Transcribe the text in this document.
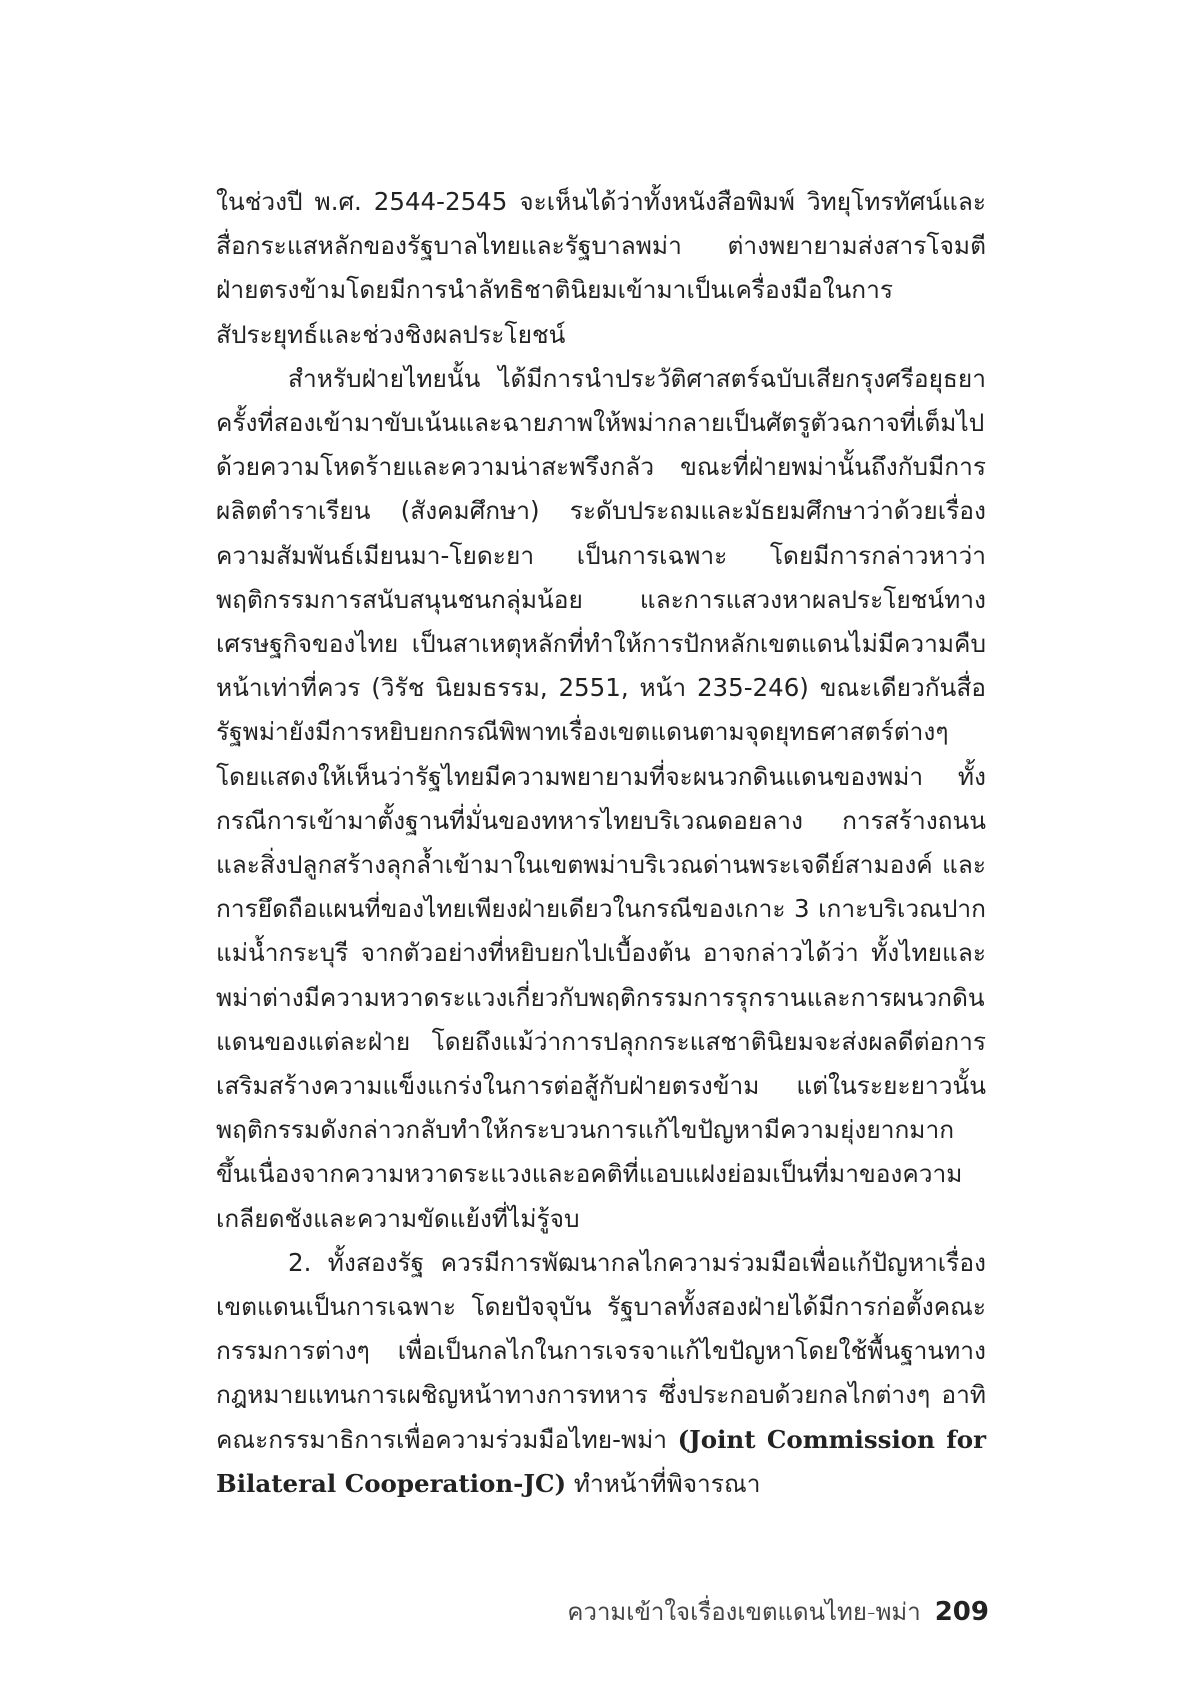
ในช่วงปี พ.ศ. 2544-2545 จะเห็นได้ว่าทั้งหนังสือพิมพ์ วิทยุโทรทัศน์และสื่อกระแสหลักของรัฐบาลไทยและรัฐบาลพม่า ต่างพยายามส่งสารโจมตีฝ่ายตรงข้ามโดยมีการนำลัทธิชาตินิยมเข้ามาเป็นเครื่องมือในการสัประยุทธ์และช่วงชิงผลประโยชน์

สำหรับฝ่ายไทยนั้น ได้มีการนำประวัติศาสตร์ฉบับเสียกรุงศรีอยุธยาครั้งที่สองเข้ามาขับเน้นและฉายภาพให้พม่ากลายเป็นศัตรูตัวฉกาจที่เต็มไปด้วยความโหดร้ายและความน่าสะพรึงกลัว ขณะที่ฝ่ายพม่านั้นถึงกับมีการผลิตตำราเรียน (สังคมศึกษา) ระดับประถมและมัธยมศึกษาว่าด้วยเรื่องความสัมพันธ์เมียนมา-โยดะยา เป็นการเฉพาะ โดยมีการกล่าวหาว่าพฤติกรรมการสนับสนุนชนกลุ่มน้อย และการแสวงหาผลประโยชน์ทางเศรษฐกิจของไทย เป็นสาเหตุหลักที่ทำให้การปักหลักเขตแดนไม่มีความคืบหน้าเท่าที่ควร (วิรัช นิยมธรรม, 2551, หน้า 235-246) ขณะเดียวกันสื่อรัฐพม่ายังมีการหยิบยกกรณีพิพาทเรื่องเขตแดนตามจุดยุทธศาสตร์ต่างๆ โดยแสดงให้เห็นว่ารัฐไทยมีความพยายามที่จะผนวกดินแดนของพม่า ทั้งกรณีการเข้ามาตั้งฐานที่มั่นของทหารไทยบริเวณดอยลาง การสร้างถนนและสิ่งปลูกสร้างลุกล้ำเข้ามาในเขตพม่าบริเวณด่านพระเจดีย์สามองค์ และการยึดถือแผนที่ของไทยเพียงฝ่ายเดียวในกรณีของเกาะ 3 เกาะบริเวณปากแม่น้ำกระบุรี จากตัวอย่างที่หยิบยกไปเบื้องต้น อาจกล่าวได้ว่า ทั้งไทยและพม่าต่างมีความหวาดระแวงเกี่ยวกับพฤติกรรมการรุกรานและการผนวกดินแดนของแต่ละฝ่าย โดยถึงแม้ว่าการปลุกกระแสชาตินิยมจะส่งผลดีต่อการเสริมสร้างความแข็งแกร่งในการต่อสู้กับฝ่ายตรงข้าม แต่ในระยะยาวนั้น พฤติกรรมดังกล่าวกลับทำให้กระบวนการแก้ไขปัญหามีความยุ่งยากมากขึ้นเนื่องจากความหวาดระแวงและอคติที่แอบแฝงย่อมเป็นที่มาของความเกลียดชังและความขัดแย้งที่ไม่รู้จบ

2. ทั้งสองรัฐ ควรมีการพัฒนากลไกความร่วมมือเพื่อแก้ปัญหาเรื่องเขตแดนเป็นการเฉพาะ โดยปัจจุบัน รัฐบาลทั้งสองฝ่ายได้มีการก่อตั้งคณะกรรมการต่างๆ เพื่อเป็นกลไกในการเจรจาแก้ไขปัญหาโดยใช้พื้นฐานทางกฎหมายแทนการเผชิญหน้าทางการทหาร ซึ่งประกอบด้วยกลไกต่างๆ อาทิ คณะกรรมาธิการเพื่อความร่วมมือไทย-พม่า (Joint Commission for Bilateral Cooperation-JC) ทำหน้าที่พิจารณา

ความเข้าใจเรื่องเขตแดนไทย-พม่า 209
